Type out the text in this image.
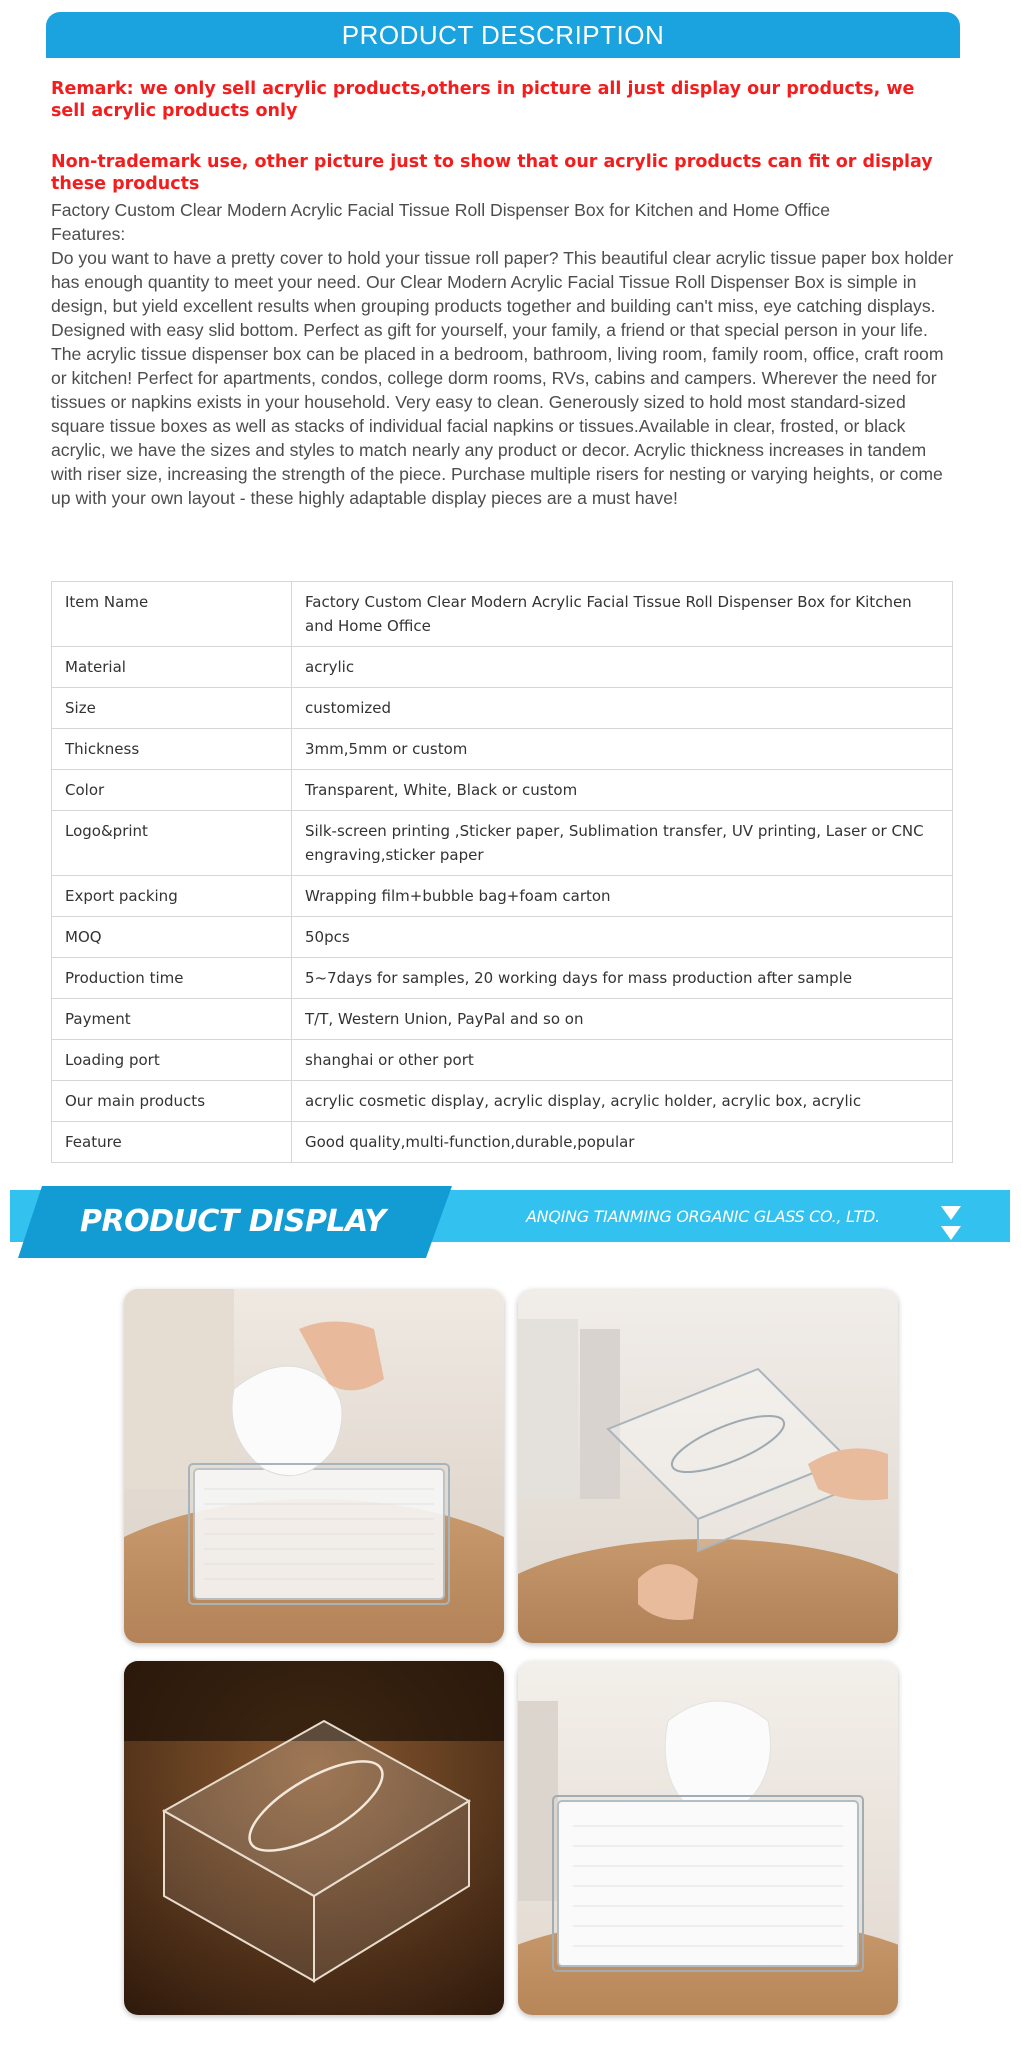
PRODUCT DESCRIPTION
Remark: we only sell acrylic products,others in picture all just display our products, we sell acrylic products only
Non-trademark use, other picture just to show that our acrylic products can fit or display these products
Factory Custom Clear Modern Acrylic Facial Tissue Roll Dispenser Box for Kitchen and Home Office
Features:
Do you want to have a pretty cover to hold your tissue roll paper? This beautiful clear acrylic tissue paper box holder has enough quantity to meet your need. Our Clear Modern Acrylic Facial Tissue Roll Dispenser Box is simple in design, but yield excellent results when grouping products together and building can't miss, eye catching displays. Designed with easy slid bottom. Perfect as gift for yourself, your family, a friend or that special person in your life. The acrylic tissue dispenser box can be placed in a bedroom, bathroom, living room, family room, office, craft room or kitchen! Perfect for apartments, condos, college dorm rooms, RVs, cabins and campers. Wherever the need for tissues or napkins exists in your household. Very easy to clean. Generously sized to hold most standard-sized square tissue boxes as well as stacks of individual facial napkins or tissues.Available in clear, frosted, or black acrylic, we have the sizes and styles to match nearly any product or decor. Acrylic thickness increases in tandem with riser size, increasing the strength of the piece. Purchase multiple risers for nesting or varying heights, or come up with your own layout - these highly adaptable display pieces are a must have!
Item Name	Factory Custom Clear Modern Acrylic Facial Tissue Roll Dispenser Box for Kitchen and Home Office
Material	acrylic
Size	customized
Thickness	3mm,5mm or custom
Color	Transparent, White, Black or custom
Logo&print	Silk-screen printing ,Sticker paper, Sublimation transfer, UV printing, Laser or CNC engraving,sticker paper
Export packing	Wrapping film+bubble bag+foam carton
MOQ	50pcs
Production time	5~7days for samples, 20 working days for mass production after sample
Payment	T/T, Western Union, PayPal and so on
Loading port	shanghai or other port
Our main products	acrylic cosmetic display, acrylic display, acrylic holder, acrylic box, acrylic
Feature	Good quality,multi-function,durable,popular
PRODUCT DISPLAY	ANQING TIANMING ORGANIC GLASS CO., LTD.
